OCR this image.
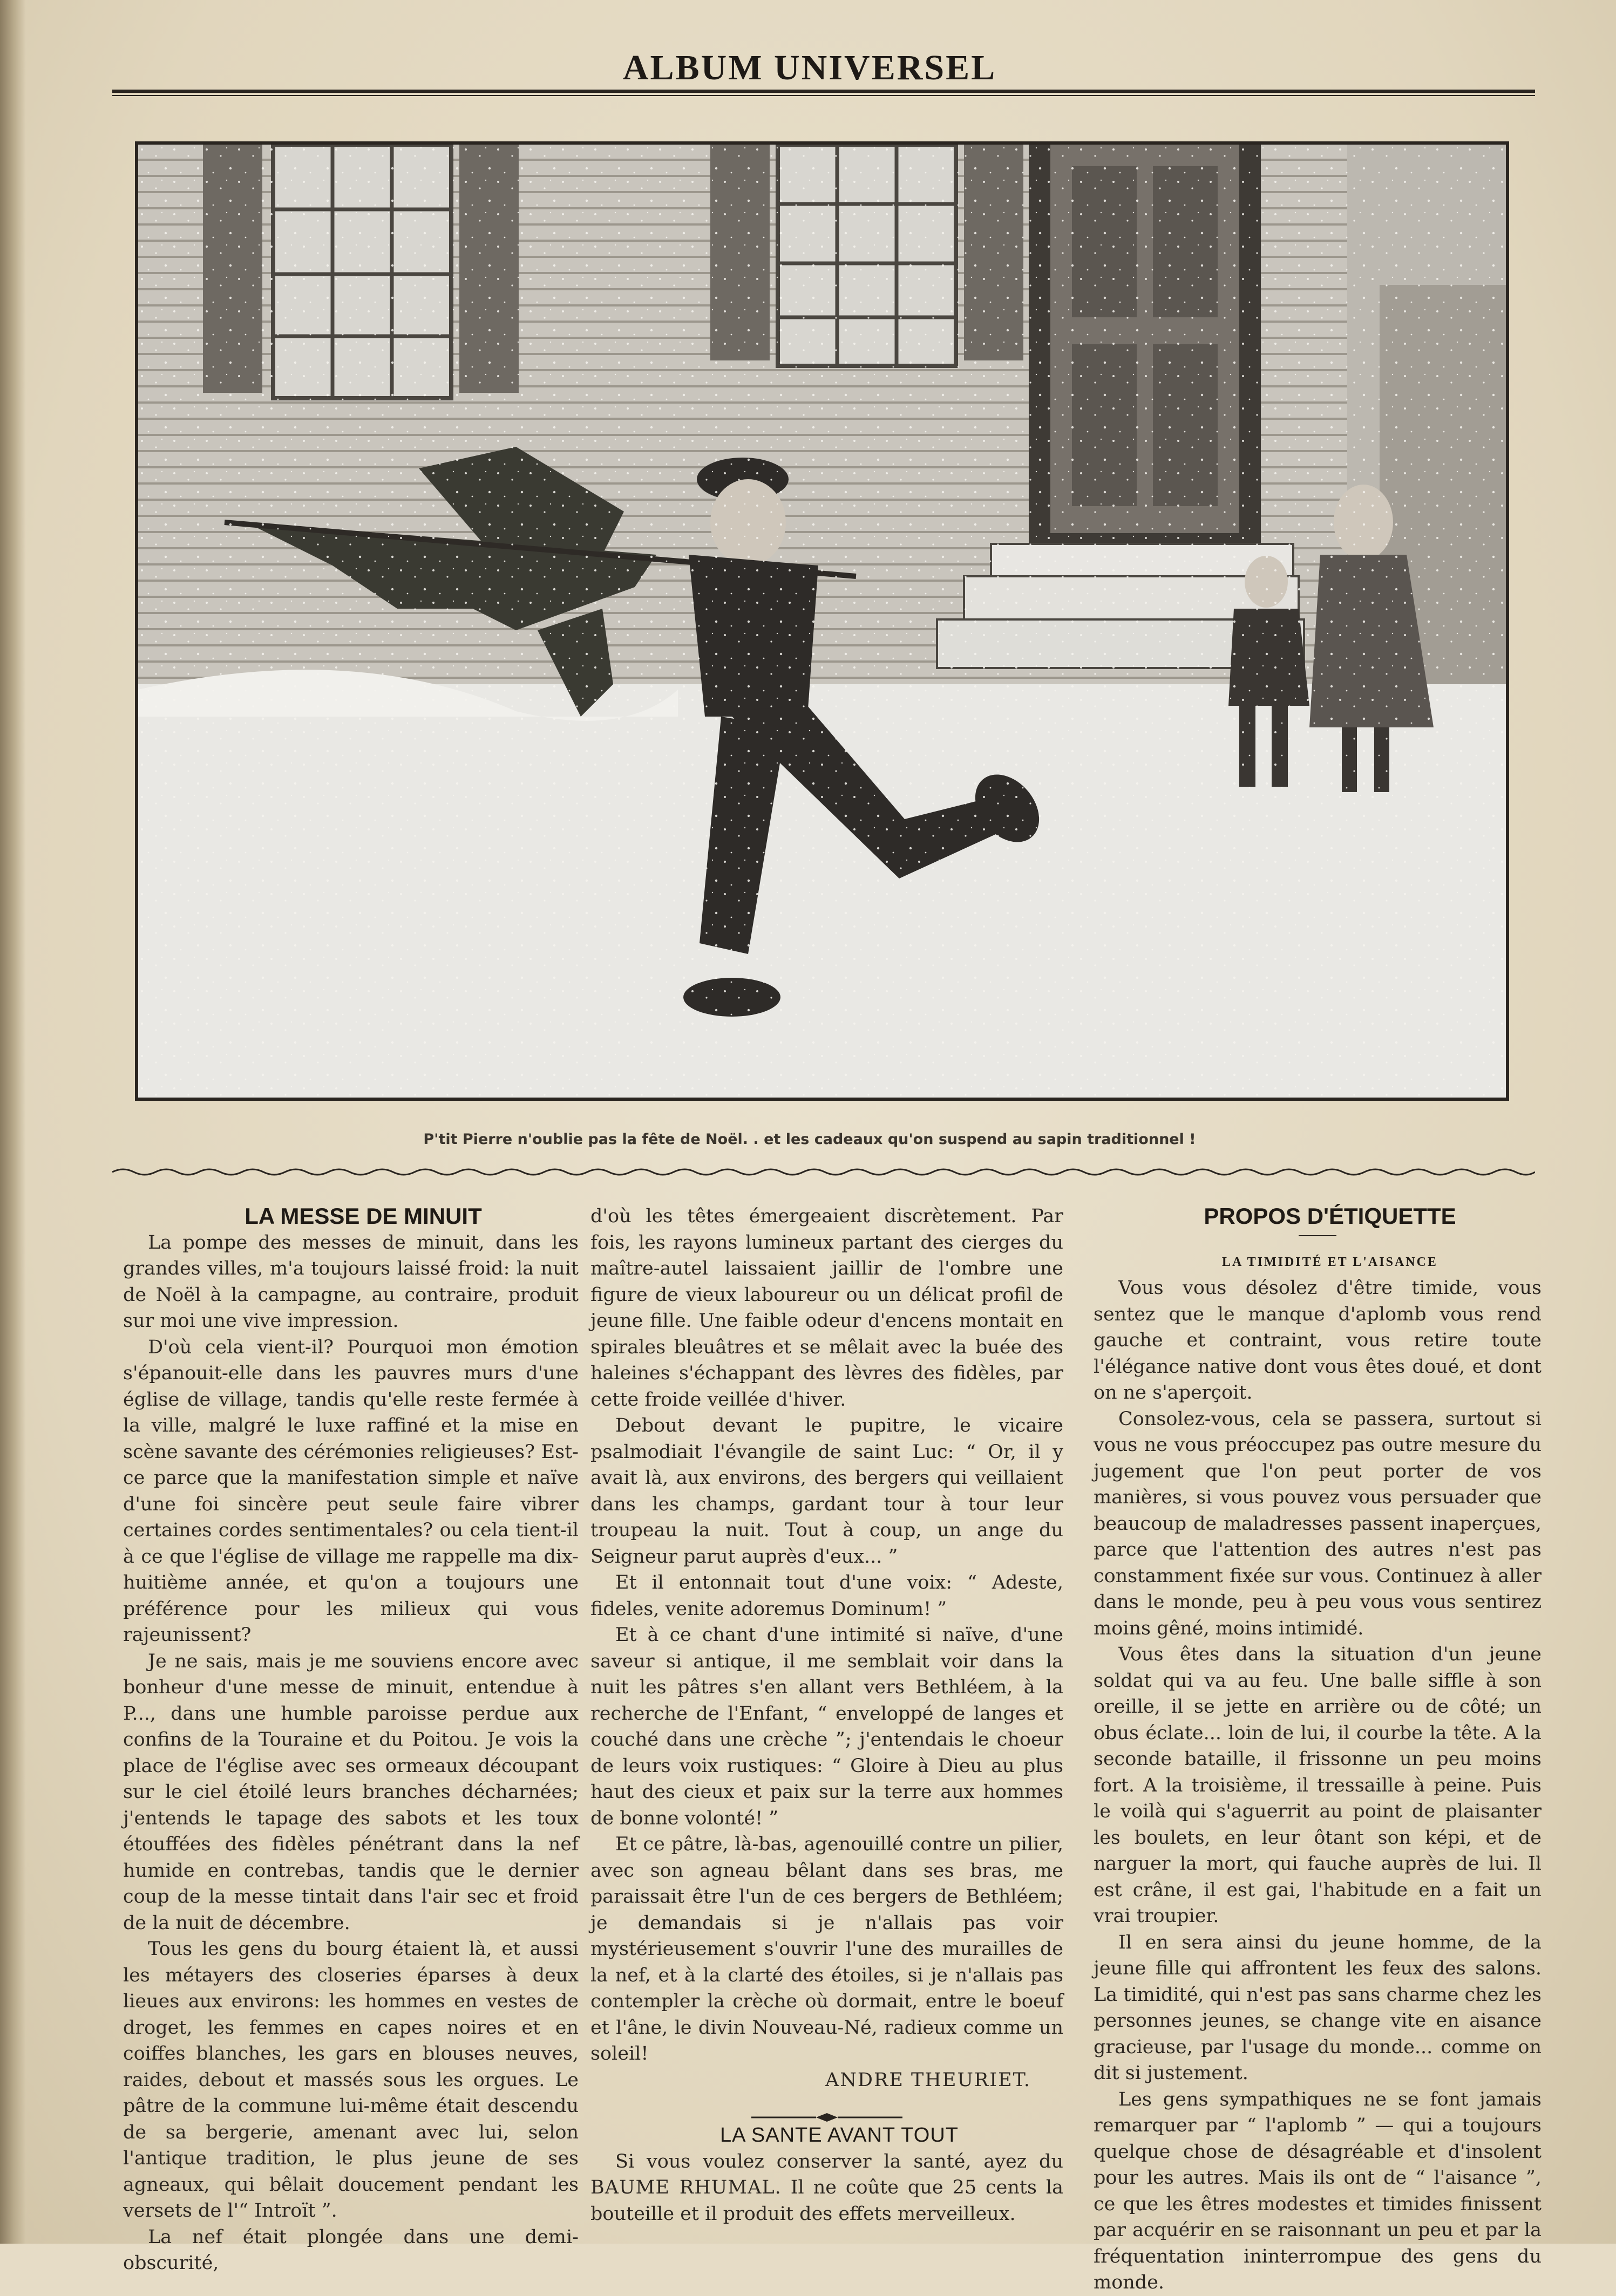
ALBUM UNIVERSEL
P'tit Pierre n'oublie pas la fête de Noël. . et les cadeaux qu'on suspend au sapin traditionnel !

LA MESSE DE MINUIT

La pompe des messes de minuit, dans les grandes villes, m'a toujours laissé froid: la nuit de Noël à la campagne, au contraire, produit sur moi une vive impression.

D'où cela vient-il? Pourquoi mon émotion s'épanouit-elle dans les pauvres murs d'une église de village, tandis qu'elle reste fermée à la ville, malgré le luxe raffiné et la mise en scène savante des cérémonies religieuses? Est-ce parce que la manifestation simple et naïve d'une foi sincère peut seule faire vibrer certaines cordes sentimentales? ou cela tient-il à ce que l'église de village me rappelle ma dix-huitième année, et qu'on a toujours une préférence pour les milieux qui vous rajeunissent?

Je ne sais, mais je me souviens encore avec bonheur d'une messe de minuit, entendue à P..., dans une humble paroisse perdue aux confins de la Touraine et du Poitou. Je vois la place de l'église avec ses ormeaux découpant sur le ciel étoilé leurs branches décharnées; j'entends le tapage des sabots et les toux étouffées des fidèles pénétrant dans la nef humide en contrebas, tandis que le dernier coup de la messe tintait dans l'air sec et froid de la nuit de décembre.

Tous les gens du bourg étaient là, et aussi les métayers des closeries éparses à deux lieues aux environs: les hommes en vestes de droget, les femmes en capes noires et en coiffes blanches, les gars en blouses neuves, raides, debout et massés sous les orgues. Le pâtre de la commune lui-même était descendu de sa bergerie, amenant avec lui, selon l'antique tradition, le plus jeune de ses agneaux, qui bêlait doucement pendant les versets de l'“ Introït ”.

La nef était plongée dans une demi-obscurité,

d'où les têtes émergeaient discrètement. Par fois, les rayons lumineux partant des cierges du maître-autel laissaient jaillir de l'ombre une figure de vieux laboureur ou un délicat profil de jeune fille. Une faible odeur d'encens montait en spirales bleuâtres et se mêlait avec la buée des haleines s'échappant des lèvres des fidèles, par cette froide veillée d'hiver.

Debout devant le pupitre, le vicaire psalmodiait l'évangile de saint Luc: “ Or, il y avait là, aux environs, des bergers qui veillaient dans les champs, gardant tour à tour leur troupeau la nuit. Tout à coup, un ange du Seigneur parut auprès d'eux... ”

Et il entonnait tout d'une voix: “ Adeste, fideles, venite adoremus Dominum! ”

Et à ce chant d'une intimité si naïve, d'une saveur si antique, il me semblait voir dans la nuit les pâtres s'en allant vers Bethléem, à la recherche de l'Enfant, “ enveloppé de langes et couché dans une crèche ”; j'entendais le choeur de leurs voix rustiques: “ Gloire à Dieu au plus haut des cieux et paix sur la terre aux hommes de bonne volonté! ”

Et ce pâtre, là-bas, agenouillé contre un pilier, avec son agneau bêlant dans ses bras, me paraissait être l'un de ces bergers de Bethléem; je demandais si je n'allais pas voir mystérieusement s'ouvrir l'une des murailles de la nef, et à la clarté des étoiles, si je n'allais pas contempler la crèche où dormait, entre le boeuf et l'âne, le divin Nouveau-Né, radieux comme un soleil!

ANDRE THEURIET.

LA SANTE AVANT TOUT

Si vous voulez conserver la santé, ayez du BAUME RHUMAL. Il ne coûte que 25 cents la bouteille et il produit des effets merveilleux.

PROPOS D'ÉTIQUETTE

LA TIMIDITÉ ET L'AISANCE

Vous vous désolez d'être timide, vous sentez que le manque d'aplomb vous rend gauche et contraint, vous retire toute l'élégance native dont vous êtes doué, et dont on ne s'aperçoit.

Consolez-vous, cela se passera, surtout si vous ne vous préoccupez pas outre mesure du jugement que l'on peut porter de vos manières, si vous pouvez vous persuader que beaucoup de maladresses passent inaperçues, parce que l'attention des autres n'est pas constamment fixée sur vous. Continuez à aller dans le monde, peu à peu vous vous sentirez moins gêné, moins intimidé.

Vous êtes dans la situation d'un jeune soldat qui va au feu. Une balle siffle à son oreille, il se jette en arrière ou de côté; un obus éclate... loin de lui, il courbe la tête. A la seconde bataille, il frissonne un peu moins fort. A la troisième, il tressaille à peine. Puis le voilà qui s'aguerrit au point de plaisanter les boulets, en leur ôtant son képi, et de narguer la mort, qui fauche auprès de lui. Il est crâne, il est gai, l'habitude en a fait un vrai troupier.

Il en sera ainsi du jeune homme, de la jeune fille qui affrontent les feux des salons. La timidité, qui n'est pas sans charme chez les personnes jeunes, se change vite en aisance gracieuse, par l'usage du monde... comme on dit si justement.

Les gens sympathiques ne se font jamais remarquer par “ l'aplomb ” — qui a toujours quelque chose de désagréable et d'insolent pour les autres. Mais ils ont de “ l'aisance ”, ce que les êtres modestes et timides finissent par acquérir en se raisonnant un peu et par la fréquentation ininterrompue des gens du monde.
